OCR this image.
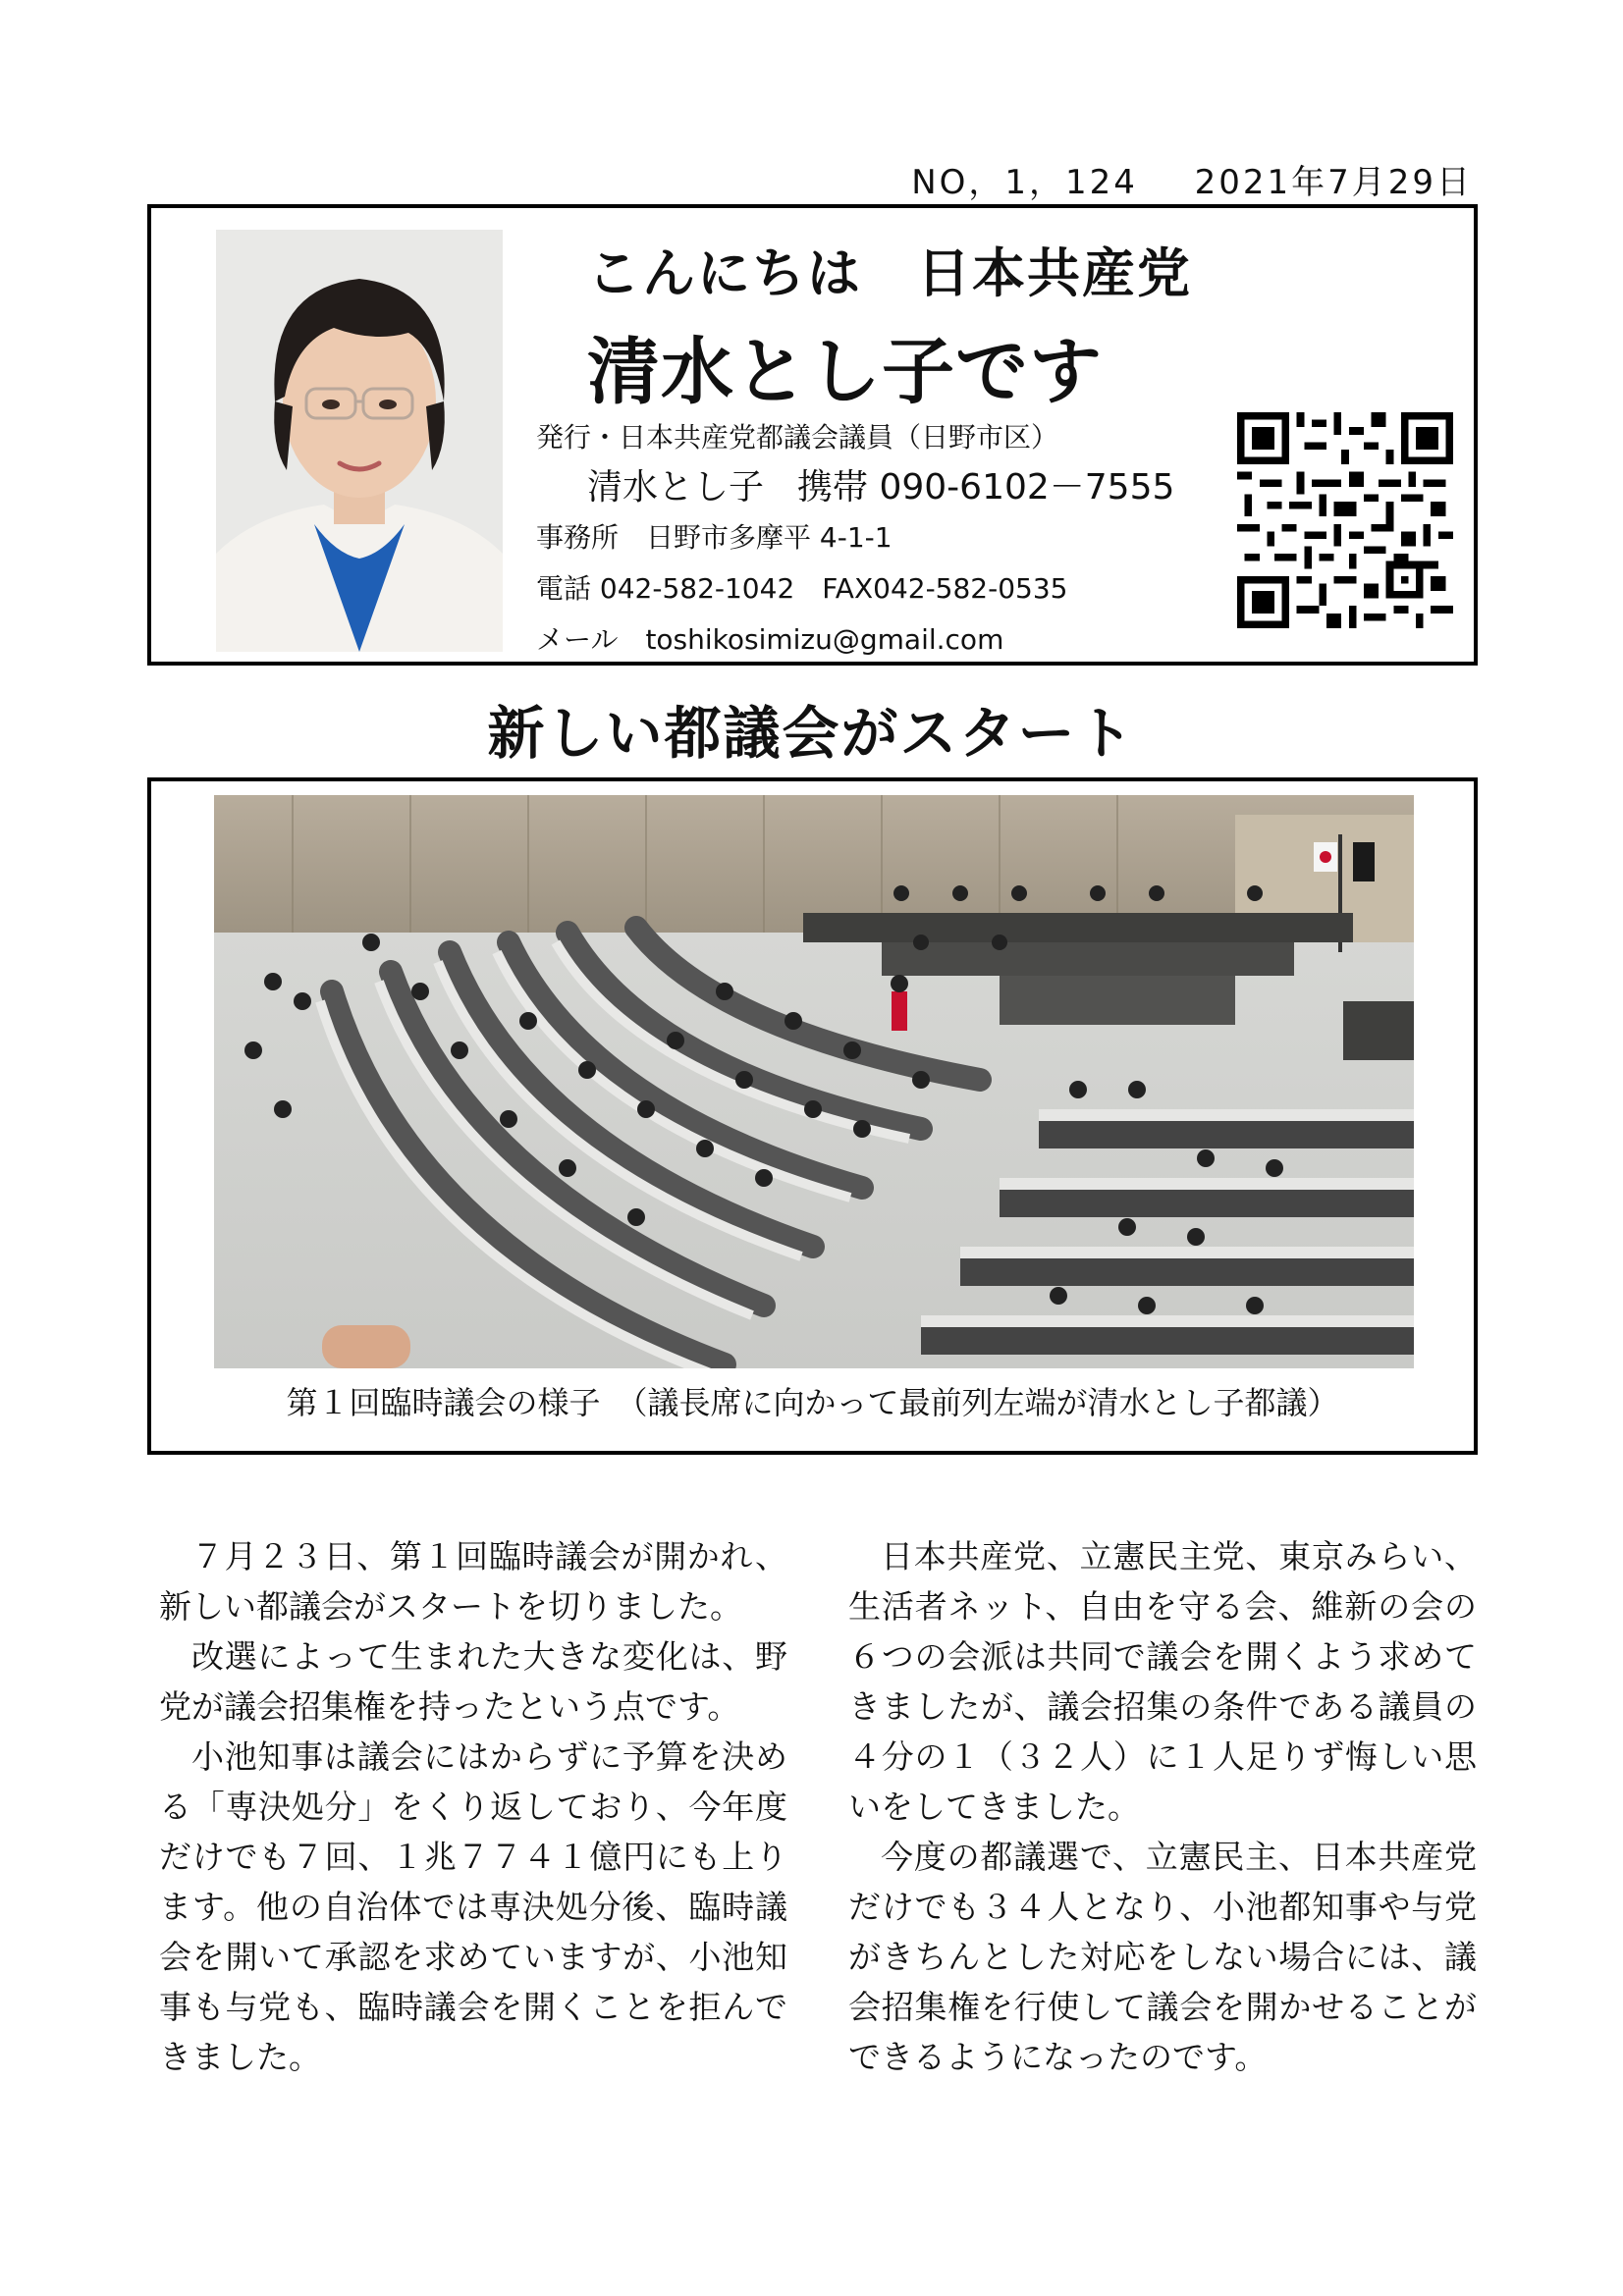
NO，1，124 2021年7月29日
こんにちは　日本共産党
清水とし子です
発行・日本共産党都議会議員（日野市区）
清水とし子 携帯 090-6102－7555
事務所　日野市多摩平 4-1-1
電話 042-582-1042　FAX042-582-0535
メール　toshikosimizu@gmail.com
新しい都議会がスタート
第１回臨時議会の様子　（議長席に向かって最前列左端が清水とし子都議）

７月２３日、第１回臨時議会が開かれ、新しい都議会がスタートを切りました。

改選によって生まれた大きな変化は、野党が議会招集権を持ったという点です。

小池知事は議会にはからずに予算を決める「専決処分」をくり返しており、今年度だけでも７回、１兆７７４１億円にも上ります。他の自治体では専決処分後、臨時議会を開いて承認を求めていますが、小池知事も与党も、臨時議会を開くことを拒んできました。

日本共産党、立憲民主党、東京みらい、生活者ネット、自由を守る会、維新の会の６つの会派は共同で議会を開くよう求めてきましたが、議会招集の条件である議員の４分の１（３２人）に１人足りず悔しい思いをしてきました。

今度の都議選で、立憲民主、日本共産党だけでも３４人となり、小池都知事や与党がきちんとした対応をしない場合には、議会招集権を行使して議会を開かせることができるようになったのです。
